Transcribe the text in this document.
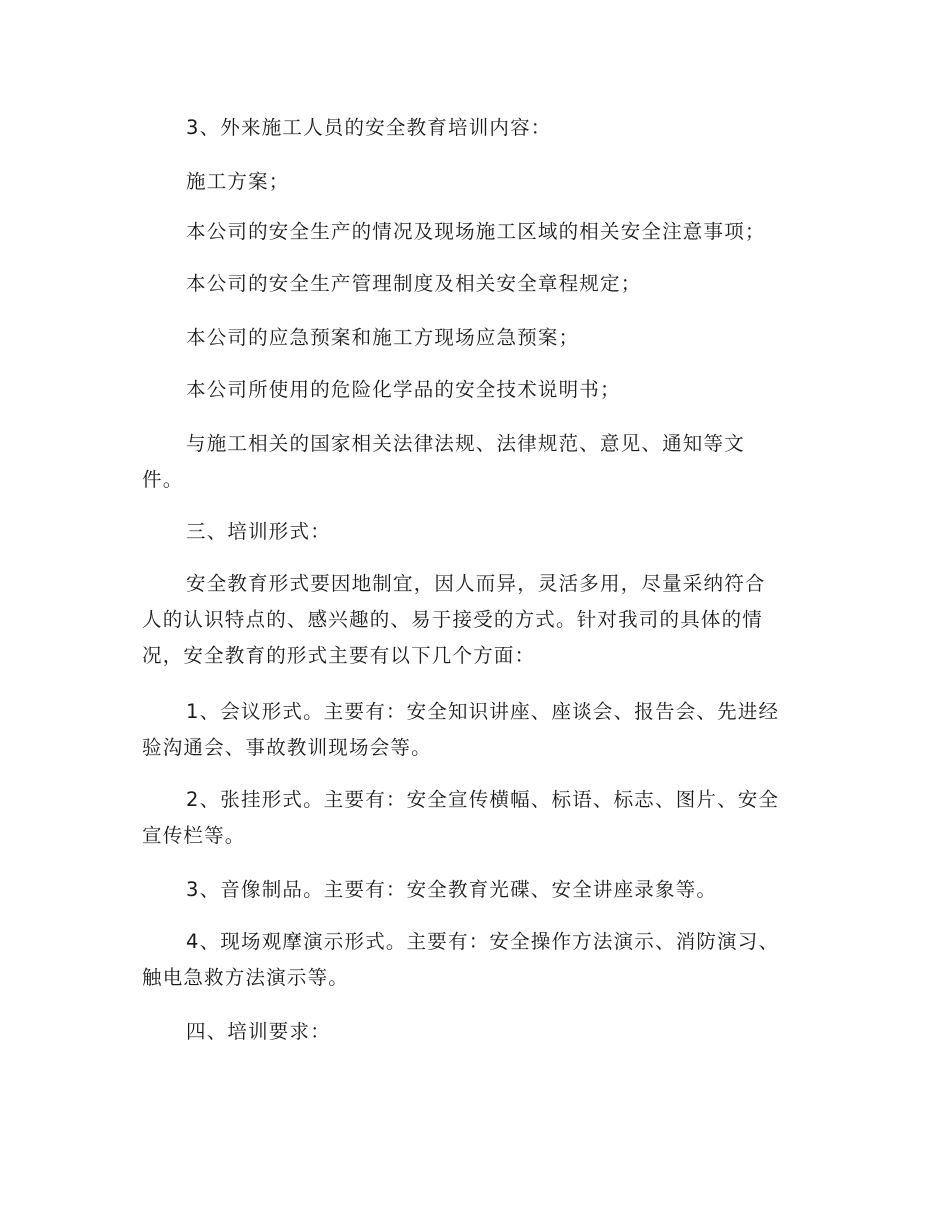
3、外来施工人员的安全教育培训内容：

施工方案；

本公司的安全生产的情况及现场施工区域的相关安全注意事项；

本公司的安全生产管理制度及相关安全章程规定；

本公司的应急预案和施工方现场应急预案；

本公司所使用的危险化学品的安全技术说明书；

与施工相关的国家相关法律法规、法律规范、意见、通知等文
件。

三、培训形式：

安全教育形式要因地制宜，因人而异，灵活多用，尽量采纳符合
人的认识特点的、感兴趣的、易于接受的方式。针对我司的具体的情
况，安全教育的形式主要有以下几个方面：

1、会议形式。主要有：安全知识讲座、座谈会、报告会、先进经
验沟通会、事故教训现场会等。

2、张挂形式。主要有：安全宣传横幅、标语、标志、图片、安全
宣传栏等。

3、音像制品。主要有：安全教育光碟、安全讲座录象等。

4、现场观摩演示形式。主要有：安全操作方法演示、消防演习、
触电急救方法演示等。

四、培训要求：
